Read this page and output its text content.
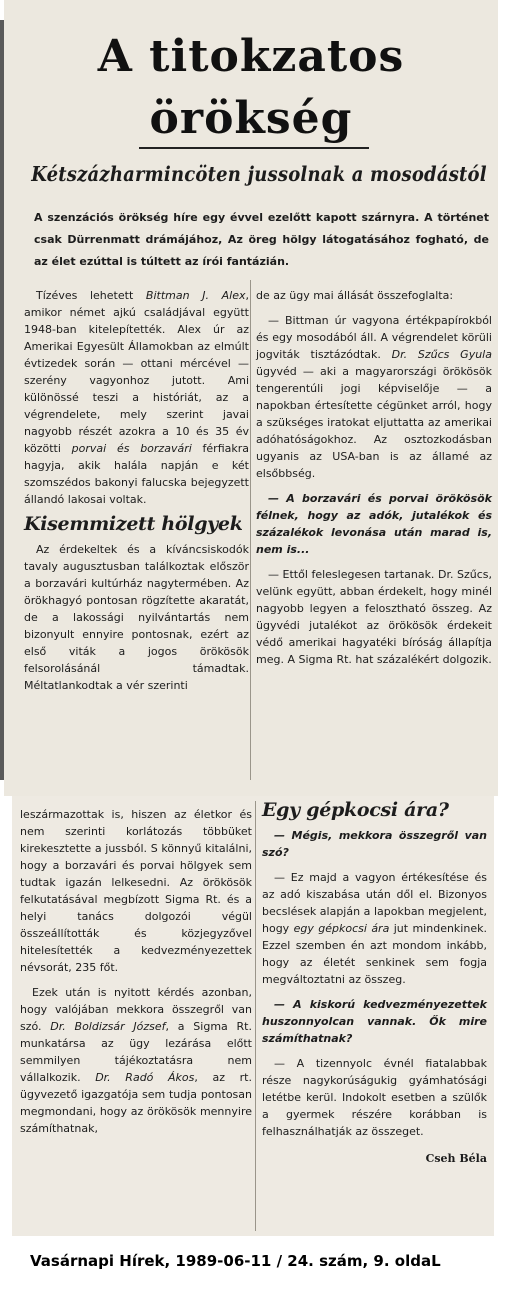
A titokzatos
örökség
Kétszázharmincöten jussolnak a mosodástól

A szenzációs örökség híre egy évvel ezelőtt kapott szárnyra. A történet csak Dürrenmatt drámájához, Az öreg hölgy látogatásához fogható, de az élet ezúttal is túltett az írói fantázián.

Tízéves lehetett Bittman J. Alex, amikor német ajkú családjával együtt 1948-ban kitelepítették. Alex úr az Amerikai Egyesült Államokban az elmúlt évtizedek során — ottani mércével — szerény vagyonhoz jutott. Ami különössé teszi a históriát, az a végrendelete, mely szerint javai nagyobb részét azokra a 10 és 35 év közötti porvai és borzavári férfiakra hagyja, akik halála napján e két szomszédos bakonyi falucska bejegyzett állandó lakosai voltak.

Kisemmizett hölgyek

Az érdekeltek és a kíváncsiskodók tavaly augusztusban találkoztak először a borzavári kultúrház nagytermében. Az örökhagyó pontosan rögzítette akaratát, de a lakossági nyilvántartás nem bizonyult ennyire pontosnak, ezért az első viták a jogos örökösök felsorolásánál támadtak. Méltatlankodtak a vér szerinti

de az ügy mai állását összefoglalta:

— Bittman úr vagyona értékpapírokból és egy mosodából áll. A végrendelet körüli jogviták tisztázódtak. Dr. Szűcs Gyula ügyvéd — aki a magyarországi örökösök tengerentúli jogi képviselője — a napokban értesítette cégünket arról, hogy a szükséges iratokat eljuttatta az amerikai adóhatóságokhoz. Az osztozkodásban ugyanis az USA-ban is az államé az elsőbbség.

— A borzavári és porvai örökösök félnek, hogy az adók, jutalékok és százalékok levonása után marad is, nem is...

— Ettől feleslegesen tartanak. Dr. Szűcs, velünk együtt, abban érdekelt, hogy minél nagyobb legyen a felosztható összeg. Az ügyvédi jutalékot az örökösök érdekeit védő amerikai hagyatéki bíróság állapítja meg. A Sigma Rt. hat százalékért dolgozik.

leszármazottak is, hiszen az életkor és nem szerinti korlátozás többüket kirekesztette a jussból. S könnyű kitalálni, hogy a borzavári és porvai hölgyek sem tudtak igazán lelkesedni. Az örökösök felkutatásával megbízott Sigma Rt. és a helyi tanács dolgozói végül összeállították és közjegyzővel hitelesítették a kedvezményezettek névsorát, 235 főt.

Ezek után is nyitott kérdés azonban, hogy valójában mekkora összegről van szó. Dr. Boldizsár József, a Sigma Rt. munkatársa az ügy lezárása előtt semmilyen tájékoztatásra nem vállalkozik. Dr. Radó Ákos, az rt. ügyvezető igazgatója sem tudja pontosan megmondani, hogy az örökösök mennyire számíthatnak,

Egy gépkocsi ára?

— Mégis, mekkora összegről van szó?

— Ez majd a vagyon értékesítése és az adó kiszabása után dől el. Bizonyos becslések alapján a lapokban megjelent, hogy egy gépkocsi ára jut mindenkinek. Ezzel szemben én azt mondom inkább, hogy az életét senkinek sem fogja megváltoztatni az összeg.

— A kiskorú kedvezményezettek huszonnyolcan vannak. Ők mire számíthatnak?

— A tizennyolc évnél fiatalabbak része nagykorúságukig gyámhatósági letétbe kerül. Indokolt esetben a szülők a gyermek részére korábban is felhasználhatják az összeget.

Cseh Béla
Vasárnapi Hírek, 1989-06-11 / 24. szám, 9. oldaL
